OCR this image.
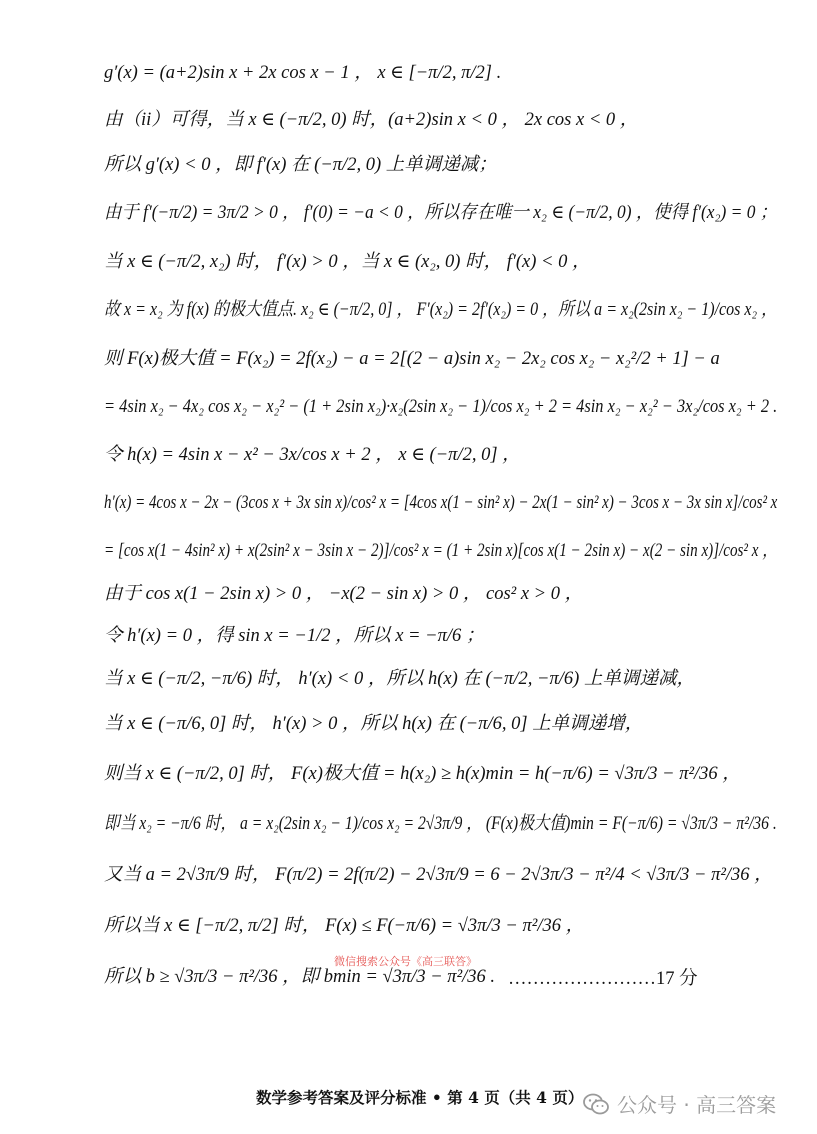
g′(x) = (a+2)sin x + 2x cos x − 1 ， x ∈ [−π/2, π/2] .
由（ii）可得，当 x ∈ (−π/2, 0) 时，(a+2)sin x < 0 ， 2x cos x < 0 ，
所以 g′(x) < 0 ，即 f′(x) 在 (−π/2, 0) 上单调递减；
由于 f′(−π/2) = 3π/2 > 0 ， f′(0) = −a < 0 ，所以存在唯一 x₂ ∈ (−π/2, 0) ，使得 f′(x₂) = 0 ；
当 x ∈ (−π/2, x₂) 时， f′(x) > 0 ，当 x ∈ (x₂, 0) 时， f′(x) < 0 ，
故 x = x₂ 为 f(x) 的极大值点. x₂ ∈ (−π/2, 0] ， F′(x₂) = 2f′(x₂) = 0 ，所以 a = x₂(2sin x₂ − 1)/cos x₂ ，
则 F(x)极大值 = F(x₂) = 2f(x₂) − a = 2[(2 − a)sin x₂ − 2x₂ cos x₂ − x₂²/2 + 1] − a
= 4sin x₂ − 4x₂ cos x₂ − x₂² − (1 + 2sin x₂)·x₂(2sin x₂ − 1)/cos x₂ + 2 = 4sin x₂ − x₂² − 3x₂/cos x₂ + 2 .
令 h(x) = 4sin x − x² − 3x/cos x + 2 ， x ∈ (−π/2, 0] ，
h′(x) = 4cos x − 2x − (3cos x + 3x sin x)/cos² x = [4cos x(1 − sin² x) − 2x(1 − sin² x) − 3cos x − 3x sin x]/cos² x
= [cos x(1 − 4sin² x) + x(2sin² x − 3sin x − 2)]/cos² x = (1 + 2sin x)[cos x(1 − 2sin x) − x(2 − sin x)]/cos² x ，
由于 cos x(1 − 2sin x) > 0 ， −x(2 − sin x) > 0 ， cos² x > 0 ，
令 h′(x) = 0 ，得 sin x = −1/2 ，所以 x = −π/6 ；
当 x ∈ (−π/2, −π/6) 时， h′(x) < 0 ，所以 h(x) 在 (−π/2, −π/6) 上单调递减，
当 x ∈ (−π/6, 0] 时， h′(x) > 0 ，所以 h(x) 在 (−π/6, 0] 上单调递增，
则当 x ∈ (−π/2, 0] 时， F(x)极大值 = h(x₂) ≥ h(x)min = h(−π/6) = √3π/3 − π²/36 ，
即当 x₂ = −π/6 时， a = x₂(2sin x₂ − 1)/cos x₂ = 2√3π/9 ， (F(x)极大值)min = F(−π/6) = √3π/3 − π²/36 .
又当 a = 2√3π/9 时， F(π/2) = 2f(π/2) − 2√3π/9 = 6 − 2√3π/3 − π²/4 < √3π/3 − π²/36 ，
所以当 x ∈ [−π/2, π/2] 时， F(x) ≤ F(−π/6) = √3π/3 − π²/36 ，
所以 b ≥ √3π/3 − π²/36 ，即 bmin = √3π/3 − π²/36 .
微信搜索公众号《高三联答》
……………………17 分
数学参考答案及评分标准 • 第 4 页（共 4 页） 公众号 · 高三答案
